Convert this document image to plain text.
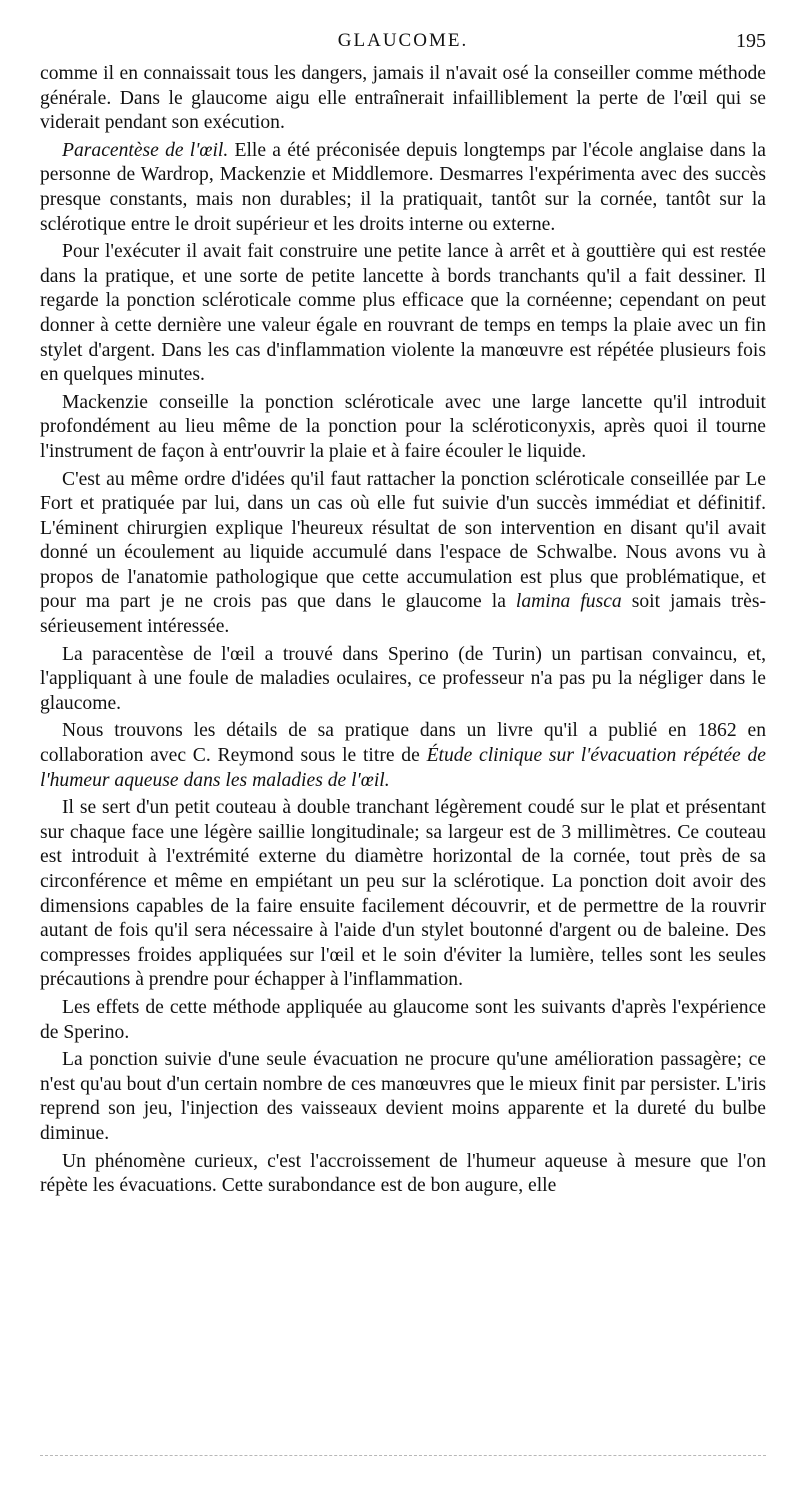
GLAUCOME.	195

comme il en connaissait tous les dangers, jamais il n'avait osé la conseiller comme méthode générale. Dans le glaucome aigu elle entraînerait infailliblement la perte de l'œil qui se viderait pendant son exécution.

Paracentèse de l'œil. Elle a été préconisée depuis longtemps par l'école anglaise dans la personne de Wardrop, Mackenzie et Middlemore. Desmarres l'expérimenta avec des succès presque constants, mais non durables; il la pratiquait, tantôt sur la cornée, tantôt sur la sclérotique entre le droit supérieur et les droits interne ou externe.

Pour l'exécuter il avait fait construire une petite lance à arrêt et à gouttière qui est restée dans la pratique, et une sorte de petite lancette à bords tranchants qu'il a fait dessiner. Il regarde la ponction scléroticale comme plus efficace que la cornéenne; cependant on peut donner à cette dernière une valeur égale en rouvrant de temps en temps la plaie avec un fin stylet d'argent. Dans les cas d'inflammation violente la manœuvre est répétée plusieurs fois en quelques minutes.

Mackenzie conseille la ponction scléroticale avec une large lancette qu'il introduit profondément au lieu même de la ponction pour la scléroticonyxis, après quoi il tourne l'instrument de façon à entr'ouvrir la plaie et à faire écouler le liquide.

C'est au même ordre d'idées qu'il faut rattacher la ponction scléroticale conseillée par Le Fort et pratiquée par lui, dans un cas où elle fut suivie d'un succès immédiat et définitif. L'éminent chirurgien explique l'heureux résultat de son intervention en disant qu'il avait donné un écoulement au liquide accumulé dans l'espace de Schwalbe. Nous avons vu à propos de l'anatomie pathologique que cette accumulation est plus que problématique, et pour ma part je ne crois pas que dans le glaucome la lamina fusca soit jamais très-sérieusement intéressée.

La paracentèse de l'œil a trouvé dans Sperino (de Turin) un partisan convaincu, et, l'appliquant à une foule de maladies oculaires, ce professeur n'a pas pu la négliger dans le glaucome.

Nous trouvons les détails de sa pratique dans un livre qu'il a publié en 1862 en collaboration avec C. Reymond sous le titre de Étude clinique sur l'évacuation répétée de l'humeur aqueuse dans les maladies de l'œil.

Il se sert d'un petit couteau à double tranchant légèrement coudé sur le plat et présentant sur chaque face une légère saillie longitudinale; sa largeur est de 3 millimètres. Ce couteau est introduit à l'extrémité externe du diamètre horizontal de la cornée, tout près de sa circonférence et même en empiétant un peu sur la sclérotique. La ponction doit avoir des dimensions capables de la faire ensuite facilement découvrir, et de permettre de la rouvrir autant de fois qu'il sera nécessaire à l'aide d'un stylet boutonné d'argent ou de baleine. Des compresses froides appliquées sur l'œil et le soin d'éviter la lumière, telles sont les seules précautions à prendre pour échapper à l'inflammation.

Les effets de cette méthode appliquée au glaucome sont les suivants d'après l'expérience de Sperino.

La ponction suivie d'une seule évacuation ne procure qu'une amélioration passagère; ce n'est qu'au bout d'un certain nombre de ces manœuvres que le mieux finit par persister. L'iris reprend son jeu, l'injection des vaisseaux devient moins apparente et la dureté du bulbe diminue.

Un phénomène curieux, c'est l'accroissement de l'humeur aqueuse à mesure que l'on répète les évacuations. Cette surabondance est de bon augure, elle
